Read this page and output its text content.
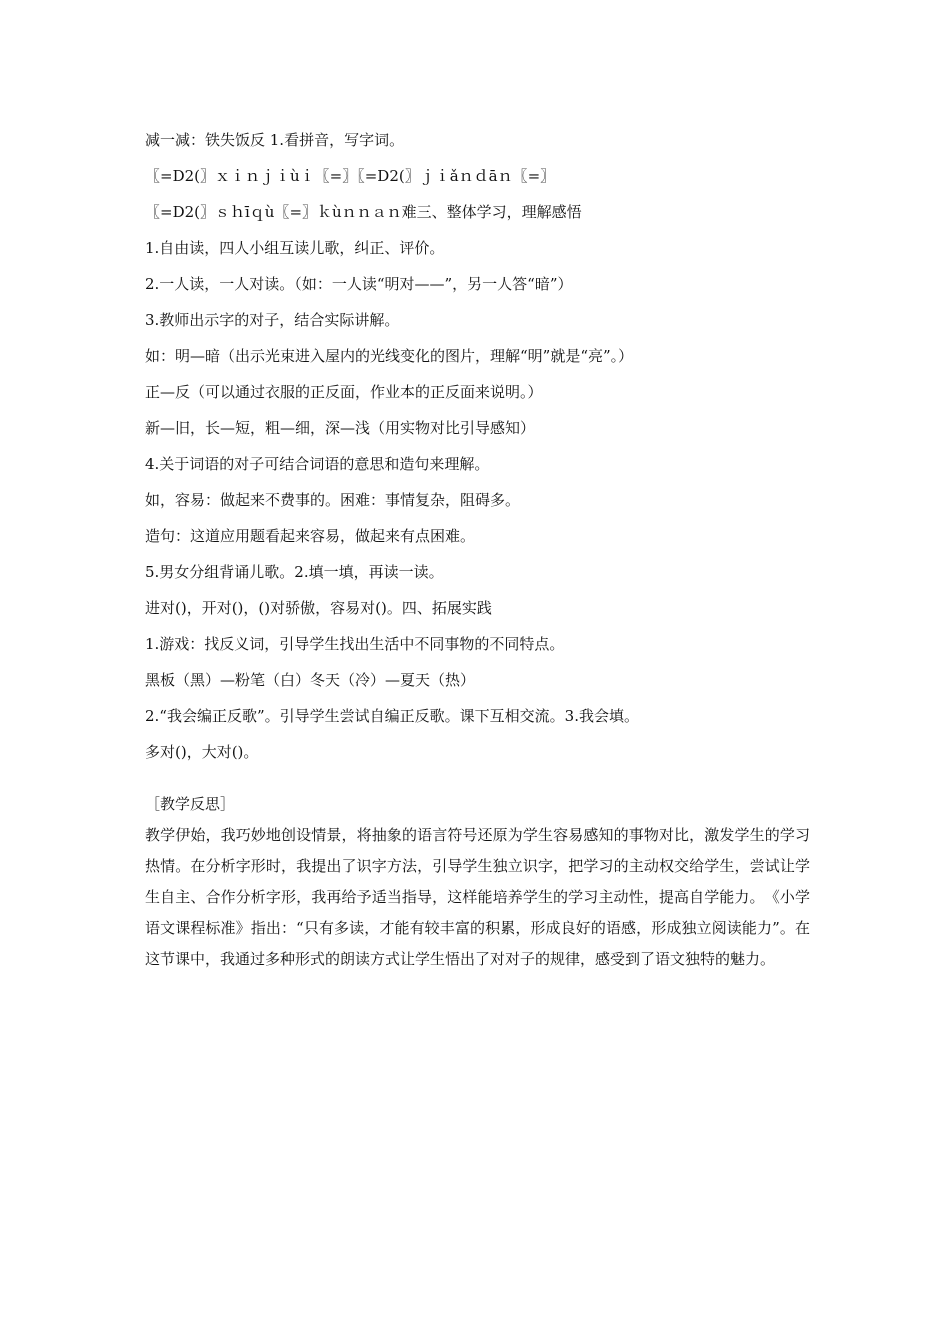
减一减：铁失饭反 1.看拼音，写字词。
〖=D2(〗ｘｉｎｊｉùｉ〖=〗〖=D2(〗ｊｉǎｎｄāｎ〖=〗
〖=D2(〗ｓｈīｑù〖=〗ｋùｎｎａｎ难三、整体学习，理解感悟
1.自由读，四人小组互读儿歌，纠正、评价。
2.一人读，一人对读。（如：一人读“明对——”，另一人答“暗”）
3.教师出示字的对子，结合实际讲解。
如：明—暗（出示光束进入屋内的光线变化的图片，理解“明”就是“亮”。）
正—反（可以通过衣服的正反面，作业本的正反面来说明。）
新—旧，长—短，粗—细，深—浅（用实物对比引导感知）
4.关于词语的对子可结合词语的意思和造句来理解。
如，容易：做起来不费事的。困难：事情复杂，阻碍多。
造句：这道应用题看起来容易，做起来有点困难。
5.男女分组背诵儿歌。2.填一填，再读一读。
进对()，开对()，()对骄傲，容易对()。四、拓展实践
1.游戏：找反义词，引导学生找出生活中不同事物的不同特点。
黑板（黑）—粉笔（白）冬天（冷）—夏天（热）
2.“我会编正反歌”。引导学生尝试自编正反歌。课下互相交流。3.我会填。
多对()，大对()。
［教学反思］

教学伊始，我巧妙地创设情景，将抽象的语言符号还原为学生容易感知的事物对比，激发学生的学习热情。在分析字形时，我提出了识字方法，引导学生独立识字，把学习的主动权交给学生，尝试让学生自主、合作分析字形，我再给予适当指导，这样能培养学生的学习主动性，提高自学能力。　《小学语文课程标准》指出：“只有多读，才能有较丰富的积累，形成良好的语感，形成独立阅读能力”。在这节课中，我通过多种形式的朗读方式让学生悟出了对对子的规律，感受到了语文独特的魅力。
